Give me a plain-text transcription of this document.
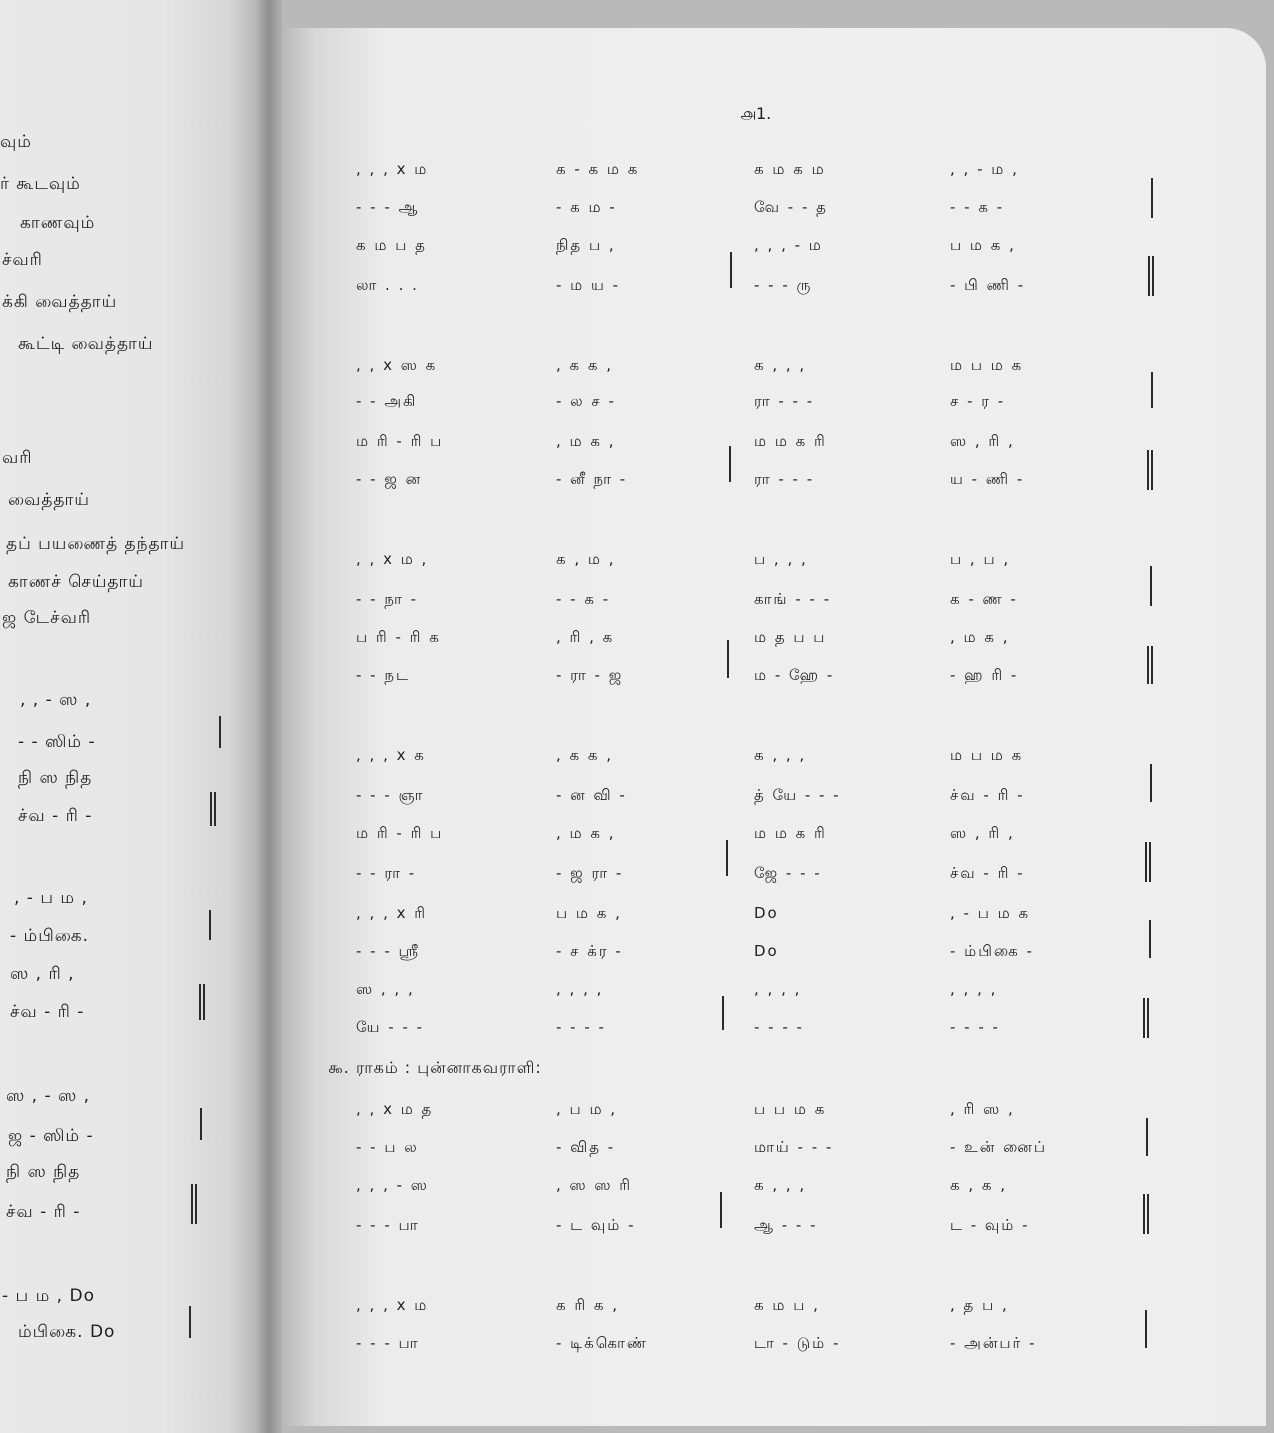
௮1.
௯. ராகம் : புன்னாகவராளி:
வும்
ர் கூடவும்
காணவும்
ச்வரி
க்கி வைத்தாய்
கூட்டி வைத்தாய்
வரி
வைத்தாய்
தப் பயணைத் தந்தாய்
காணச் செய்தாய்
ஜ டேச்வரி
, , - ஸ ,
- - ஸிம் -
நி ஸ நித
ச்வ - ரி -
, - ப ம ,
- ம்பிகை.
ஸ , ரி ,
ச்வ - ரி -
ஸ , - ஸ ,
ஜ - ஸிம் -
நி ஸ நித
ச்வ - ரி -
- ப ம , Do
ம்பிகை. Do
, , , x ம	க - க ம க	க ம க ம	, , - ம ,
- - - ஆ	- க ம -	வே - - த	- - க -
க ம ப த	நித ப ,	, , , - ம	ப ம க ,
லா . . .	- ம ய -	- - - ரு	- பி ணி -
, , x ஸ க	, க க ,	க , , ,	ம ப ம க
- - அகி	- ல ச -	ரா - - -	ச - ர -
ம ரி - ரி ப	, ம க ,	ம ம க ரி	ஸ , ரி ,
- - ஜ ன	- னீ நா -	ரா - - -	ய - ணி -
, , x ம ,	க , ம ,	ப , , ,	ப , ப ,
- - நா -	- - க -	காங் - - -	க - ண -
ப ரி - ரி க	, ரி , க	ம த ப ப	, ம க ,
- - நட	- ரா - ஜ	ம - ஹே -	- ஹ ரி -
, , , x க	, க க ,	க , , ,	ம ப ம க
- - - ஞா	- ன வி -	த் யே - - -	ச்வ - ரி -
ம ரி - ரி ப	, ம க ,	ம ம க ரி	ஸ , ரி ,
- - ரா -	- ஜ ரா -	ஜே - - -	ச்வ - ரி -
, , , x ரி	ப ம க ,	Do	, - ப ம க
- - - ஸ்ரீ	- ச க்ர -	Do	- ம்பிகை -
ஸ , , ,	, , , ,	, , , ,	, , , ,
யே - - -	- - - -	- - - -	- - - -
, , x ம த	, ப ம ,	ப ப ம க	, ரி ஸ ,
- - ப ல	- வித -	மாய் - - -	- உன் னைப்
, , , - ஸ	, ஸ ஸ ரி	க , , ,	க , க ,
- - - பா	- ட வும் -	ஆ - - -	ட - வும் -
, , , x ம	க ரி க ,	க ம ப ,	, த ப ,
- - - பா	- டிக்கொண்	டா - டும் -	- அன்பர் -
